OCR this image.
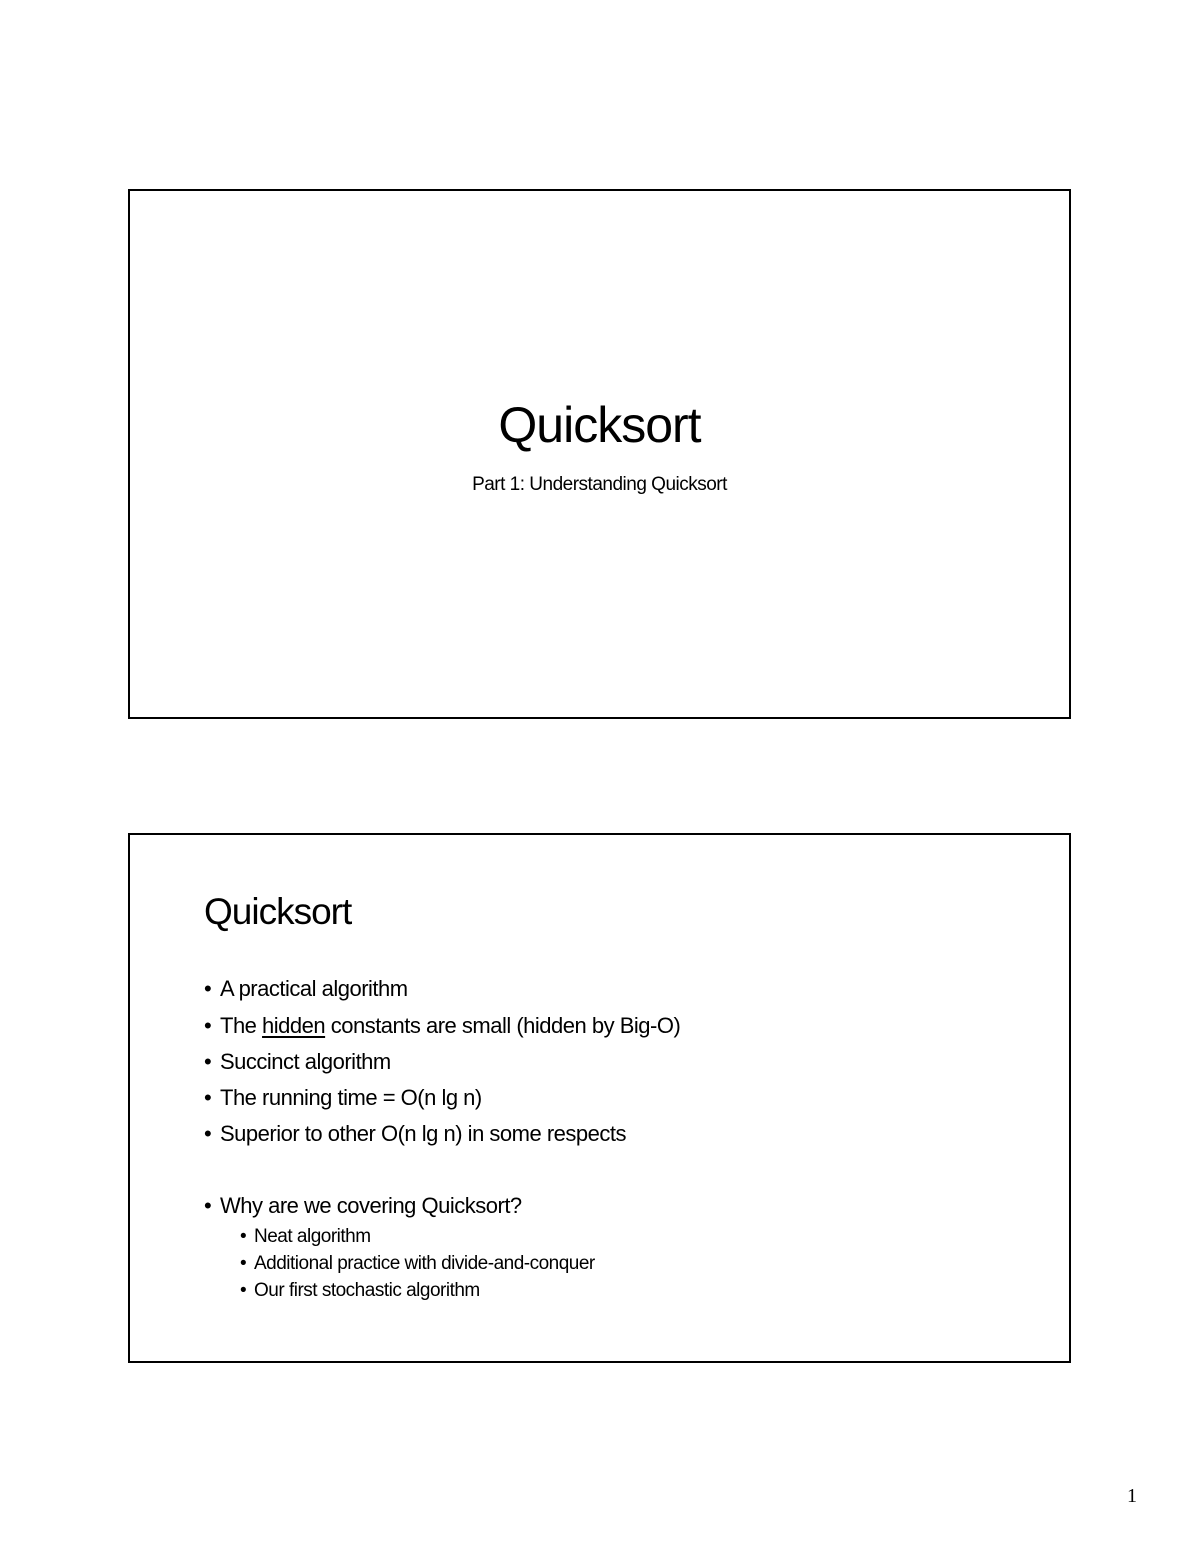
Quicksort
Part 1: Understanding Quicksort
Quicksort
• A practical algorithm
• The hidden constants are small (hidden by Big-O)
• Succinct algorithm
• The running time = O(n lg n)
• Superior to other O(n lg n) in some respects
• Why are we covering Quicksort?
• Neat algorithm
• Additional practice with divide-and-conquer
• Our first stochastic algorithm
1
